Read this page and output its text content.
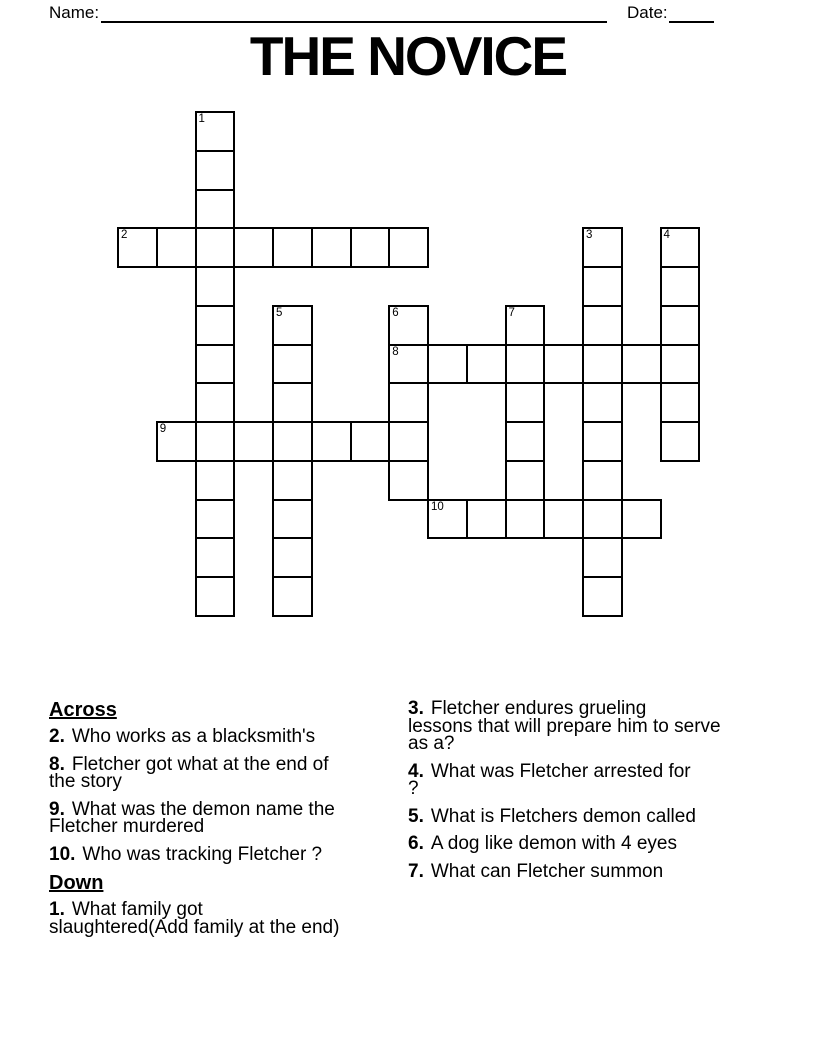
Name:	Date:
THE NOVICE
1
2	3	4
5	6	7
8
9
10
Across
2. Who works as a blacksmith's
8. Fletcher got what at the end of
the story
9. What was the demon name the
Fletcher murdered
10. Who was tracking Fletcher ?
Down
1. What family got
slaughtered(Add family at the end)
3. Fletcher endures grueling
lessons that will prepare him to serve
as a?
4. What was Fletcher arrested for
?
5. What is Fletchers demon called
6. A dog like demon with 4 eyes
7. What can Fletcher summon
